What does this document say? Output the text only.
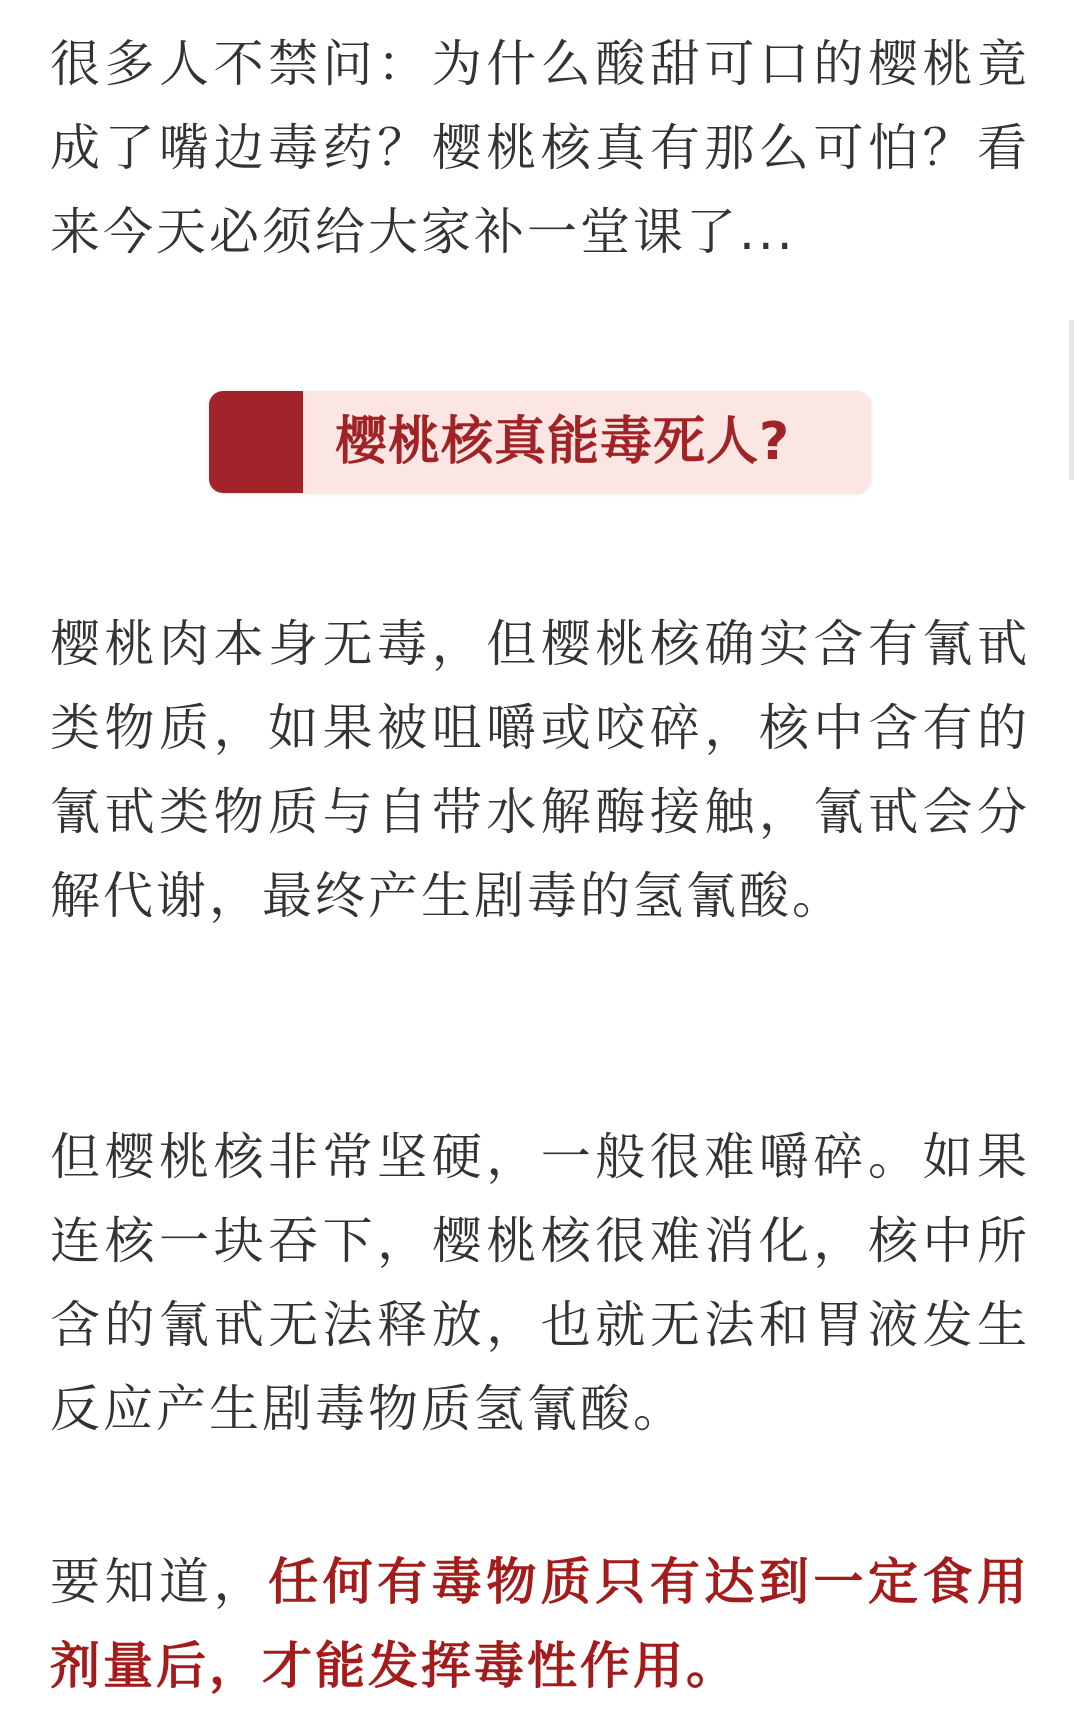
很多人不禁问：为什么酸甜可口的樱桃竟成了嘴边毒药？樱桃核真有那么可怕？看来今天必须给大家补一堂课了...

樱桃核真能毒死人?

樱桃肉本身无毒，但樱桃核确实含有氰甙类物质，如果被咀嚼或咬碎，核中含有的氰甙类物质与自带水解酶接触，氰甙会分解代谢，最终产生剧毒的氢氰酸。

但樱桃核非常坚硬，一般很难嚼碎。如果连核一块吞下，樱桃核很难消化，核中所含的氰甙无法释放，也就无法和胃液发生反应产生剧毒物质氢氰酸。

要知道，任何有毒物质只有达到一定食用剂量后，才能发挥毒性作用。
